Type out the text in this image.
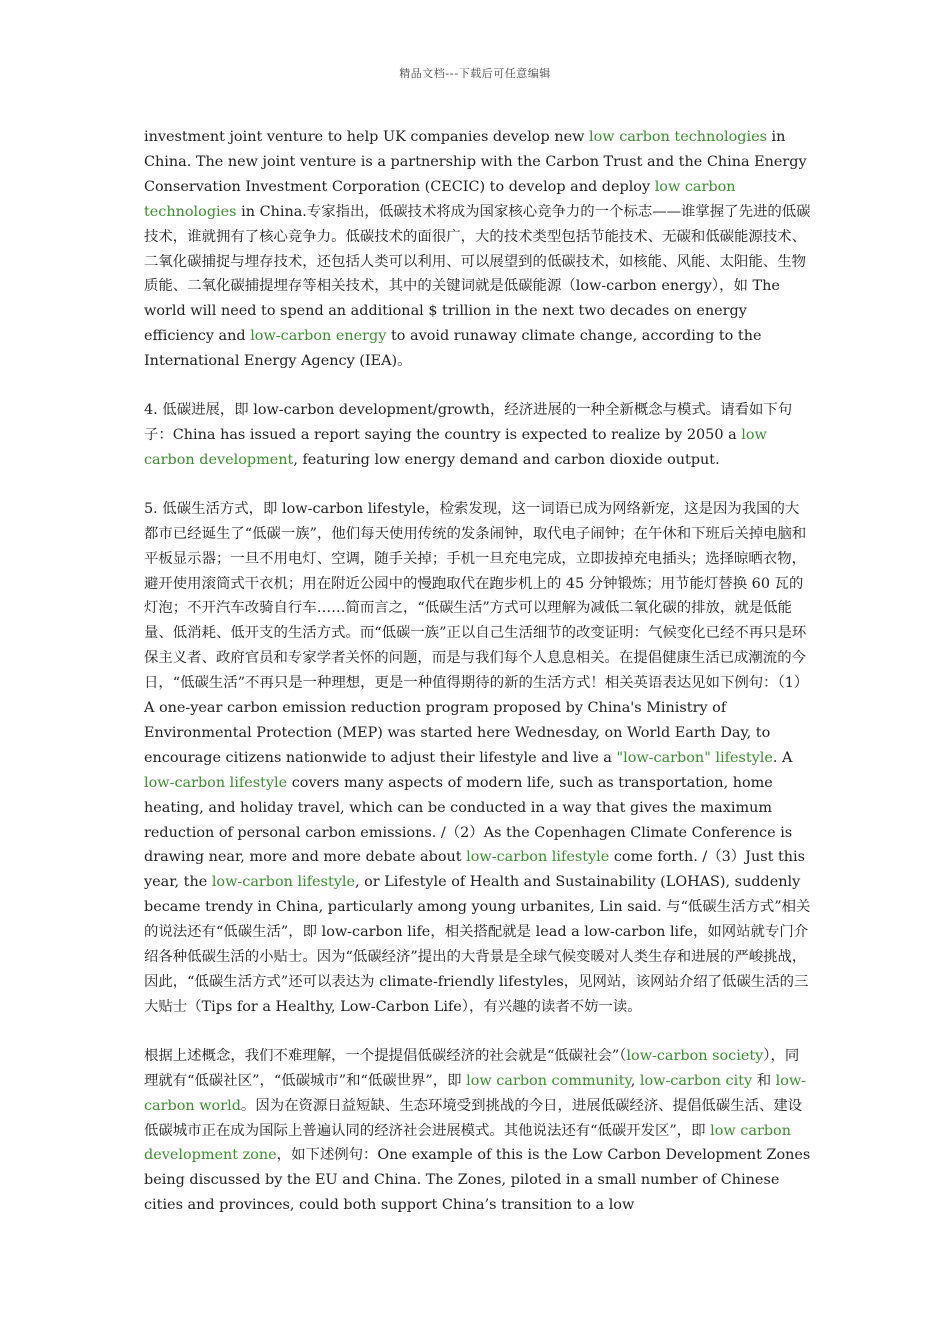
精品文档---下载后可任意编辑

investment joint venture to help UK companies develop new low carbon technologies in China. The new joint venture is a partnership with the Carbon Trust and the China Energy Conservation Investment Corporation (CECIC) to develop and deploy low carbon technologies in China.专家指出，低碳技术将成为国家核心竞争力的一个标志——谁掌握了先进的低碳技术，谁就拥有了核心竞争力。低碳技术的面很广，大的技术类型包括节能技术、无碳和低碳能源技术、二氧化碳捕捉与埋存技术，还包括人类可以利用、可以展望到的低碳技术，如核能、风能、太阳能、生物质能、二氧化碳捕提埋存等相关技术，其中的关键词就是低碳能源（low-carbon energy），如 The world will need to spend an additional $ trillion in the next two decades on energy efficiency and low-carbon energy to avoid runaway climate change, according to the International Energy Agency (IEA)。

4. 低碳进展，即 low-carbon development/growth，经济进展的一种全新概念与模式。请看如下句子：China has issued a report saying the country is expected to realize by 2050 a low carbon development, featuring low energy demand and carbon dioxide output.

5. 低碳生活方式，即 low-carbon lifestyle，检索发现，这一词语已成为网络新宠，这是因为我国的大都市已经诞生了“低碳一族”，他们每天使用传统的发条闹钟，取代电子闹钟；在午休和下班后关掉电脑和平板显示器；一旦不用电灯、空调，随手关掉；手机一旦充电完成，立即拔掉充电插头；选择晾晒衣物，避开使用滚筒式干衣机；用在附近公园中的慢跑取代在跑步机上的 45 分钟锻炼；用节能灯替换 60 瓦的灯泡；不开汽车改骑自行车……简而言之，“低碳生活”方式可以理解为减低二氧化碳的排放，就是低能量、低消耗、低开支的生活方式。而“低碳一族”正以自己生活细节的改变证明：气候变化已经不再只是环保主义者、政府官员和专家学者关怀的问题，而是与我们每个人息息相关。在提倡健康生活已成潮流的今日，“低碳生活”不再只是一种理想，更是一种值得期待的新的生活方式！相关英语表达见如下例句：（1）A one-year carbon emission reduction program proposed by China's Ministry of Environmental Protection (MEP) was started here Wednesday, on World Earth Day, to encourage citizens nationwide to adjust their lifestyle and live a "low-carbon" lifestyle. A low-carbon lifestyle covers many aspects of modern life, such as transportation, home heating, and holiday travel, which can be conducted in a way that gives the maximum reduction of personal carbon emissions. /（2）As the Copenhagen Climate Conference is drawing near, more and more debate about low-carbon lifestyle come forth. /（3）Just this year, the low-carbon lifestyle, or Lifestyle of Health and Sustainability (LOHAS), suddenly became trendy in China, particularly among young urbanites, Lin said. 与“低碳生活方式”相关的说法还有“低碳生活”，即 low-carbon life，相关搭配就是 lead a low-carbon life，如网站就专门介绍各种低碳生活的小贴士。因为“低碳经济”提出的大背景是全球气候变暖对人类生存和进展的严峻挑战，因此，“低碳生活方式”还可以表达为 climate-friendly lifestyles，见网站，该网站介绍了低碳生活的三大贴士（Tips for a Healthy, Low-Carbon Life），有兴趣的读者不妨一读。

根据上述概念，我们不难理解，一个提提倡低碳经济的社会就是“低碳社会”（low-carbon society），同理就有“低碳社区”，“低碳城市”和“低碳世界”，即 low carbon community, low-carbon city 和 low-carbon world。因为在资源日益短缺、生态环境受到挑战的今日，进展低碳经济、提倡低碳生活、建设低碳城市正在成为国际上普遍认同的经济社会进展模式。其他说法还有“低碳开发区”，即 low carbon development zone，如下述例句：One example of this is the Low Carbon Development Zones being discussed by the EU and China. The Zones, piloted in a small number of Chinese cities and provinces, could both support China’s transition to a low
